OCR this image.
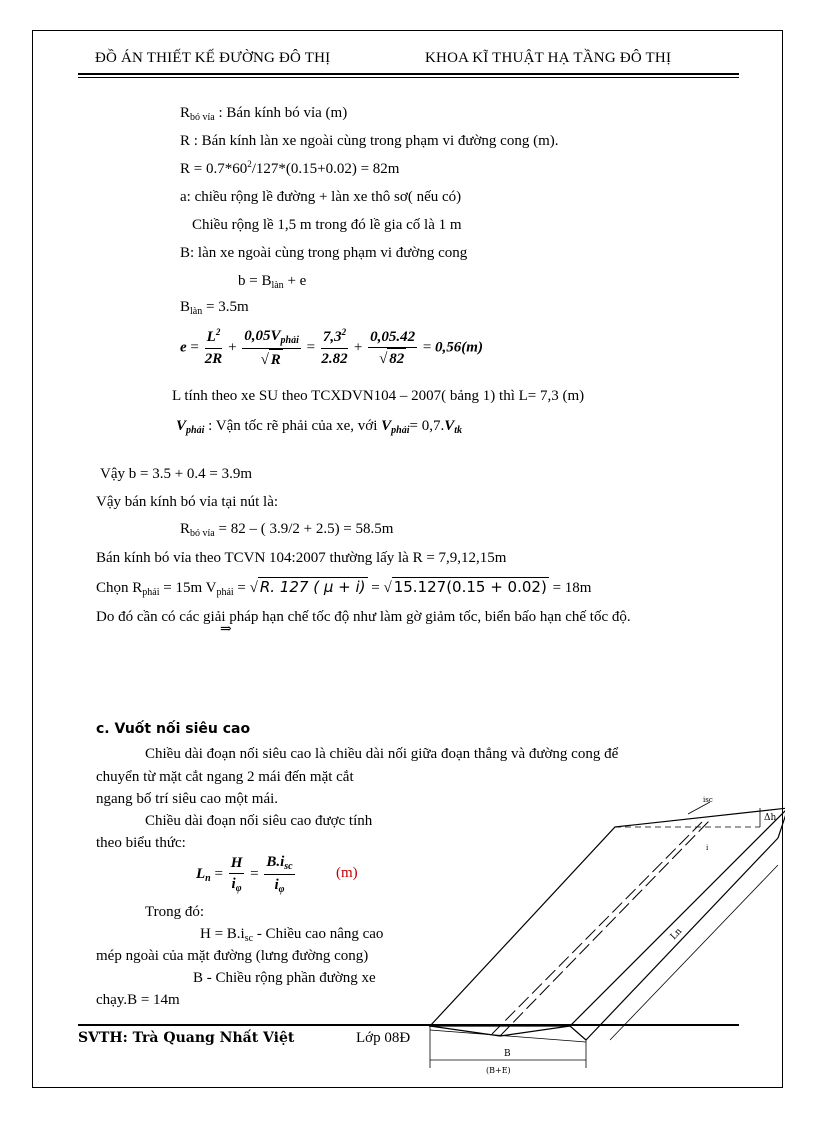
ĐỒ ÁN THIẾT KẾ ĐƯỜNG ĐÔ THỊ	KHOA KĨ THUẬT HẠ TẦNG ĐÔ THỊ
$R_{bó vỉa}$ : Bán kính bó vỉa (m)
R : Bán kính làn xe ngoài cùng trong phạm vi đường cong (m).
$R = 0.7*60^2/127*(0.15+0.02) = 82m$
a: chiều rộng lề đường + làn xe thô sơ( nếu có)
Chiều rộng lề 1,5 m trong đó lề gia cố là 1 m
B: làn xe ngoài cùng trong phạm vi đường cong
$b = B_{làn} + e$
$B_{làn} = 3.5m$
$e = \frac{L^2}{2R} + \frac{0,05V_{phải}}{√ R} = \frac{7,3^2}{2.82} + \frac{0,05.42}{√ 82} = 0,56(m)$
L tính theo xe SU theo TCXDVN104 – 2007( bảng 1) thì L= 7,3 (m)
$V_{phải}$ : Vận tốc rẽ phải của xe, với $V_{phải}= 0,7.V_{tk}$
Vậy b = 3.5 + 0.4 = 3.9m
Vậy bán kính bó vỉa tại nút là:
$R_{bó vỉa} = 82$ – ( 3.9/2 + 2.5) = 58.5m
Bán kính bó vỉa theo TCVN 104:2007 thường lấy là R = 7,9,12,15m
Chọn $R_{phải} = 15m$ $V_{phải}$ = √ R. 127 ( μ + i) = √ 15.127(0.15 + 0.02) = 18m
Do đó cần có các giải pháp hạn chế tốc độ như làm gờ giảm tốc, biển bấo hạn chế tốc độ.
⇒
c. Vuốt nối siêu cao
Chiều dài đoạn nối siêu cao là chiều dài nối giữa đoạn thẳng và đường cong để
chuyển từ mặt cắt ngang 2 mái đến mặt cắt
ngang bố trí siêu cao một mái.
Chiều dài đoạn nối siêu cao được tính
theo biểu thức:
$L_n = \frac{H}{i_\varphi} = \frac{B.i_{sc}}{i_\varphi}$	(m)
Trong đó:
$H = B.i_{sc}$ - Chiều cao nâng cao
mép ngoài của mặt đường (lưng đường cong)
B - Chiều rộng phần đường xe
chạy.B = 14m
B
(B+E)
Ln
Δh
isc
i
SVTH: Trà Quang Nhất Việt	Lớp 08Đ
